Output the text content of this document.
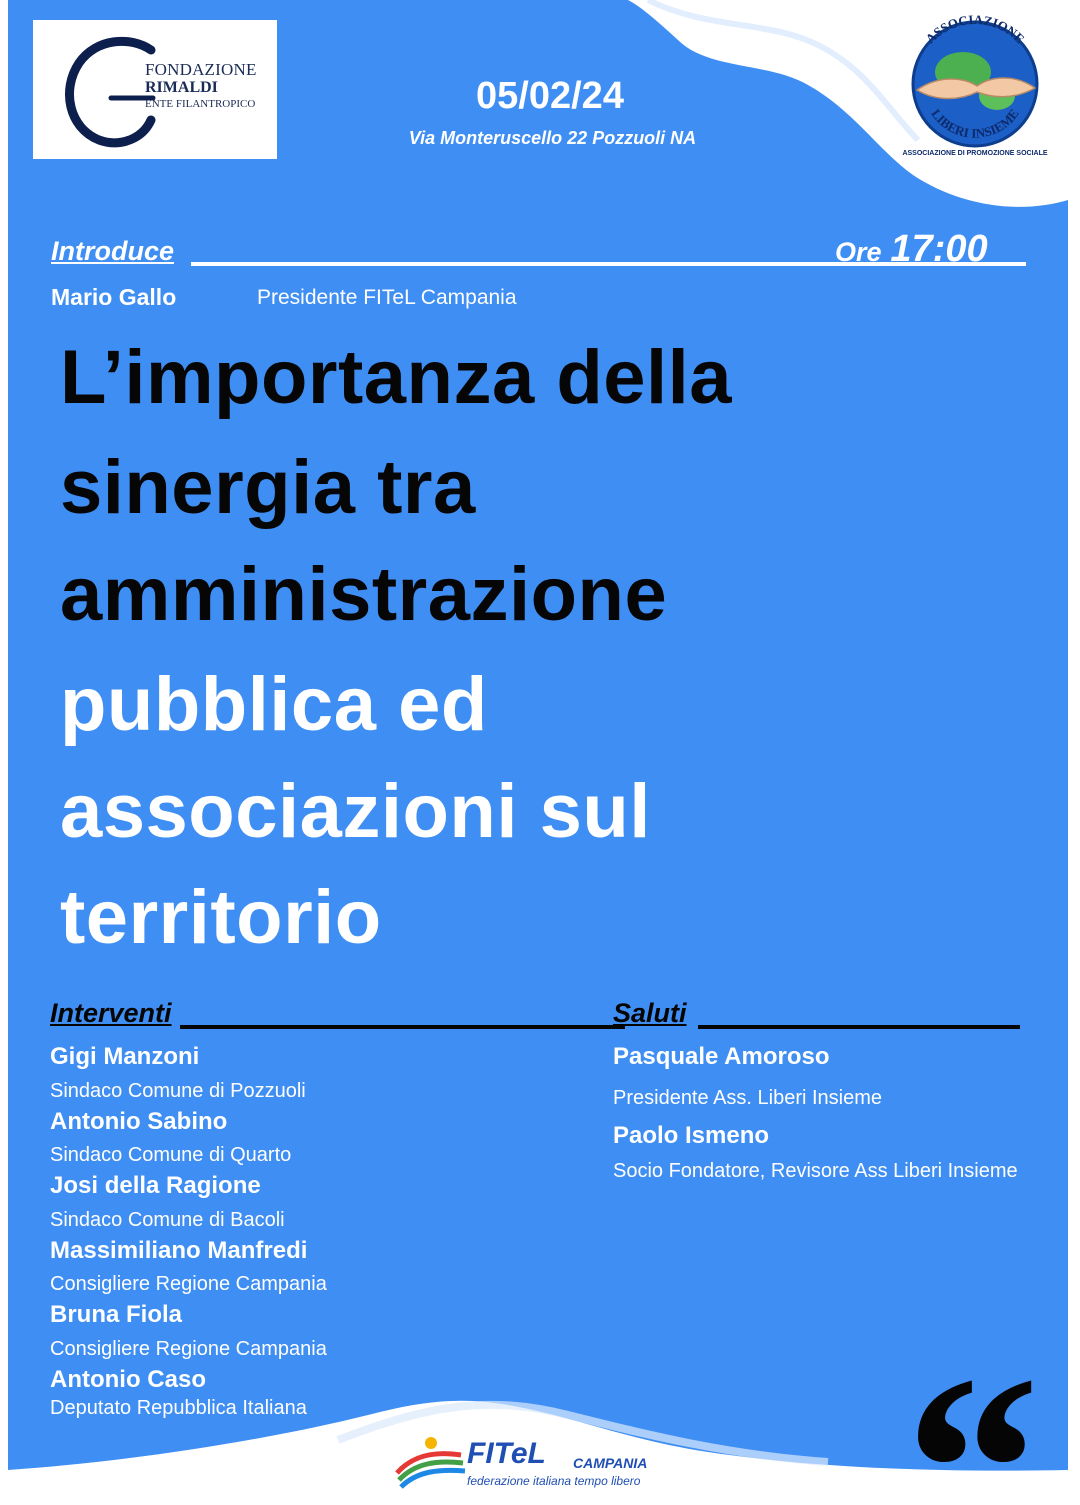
FONDAZIONE
RIMALDI
ENTE FILANTROPICO	05/02/24
Via Monteruscello 22 Pozzuoli NA
ASSOCIAZIONE
LIBERI INSIEME
ASSOCIAZIONE DI PROMOZIONE SOCIALE
Introduce	Ore 17:00
Mario Gallo	Presidente FITeL Campania
L’importanza della
sinergia tra
amministrazione
pubblica ed
associazioni sul
territorio
Interventi
Gigi Manzoni
Sindaco Comune di Pozzuoli
Antonio Sabino
Sindaco Comune di Quarto
Josi della Ragione
Sindaco Comune di Bacoli
Massimiliano Manfredi
Consigliere Regione Campania
Bruna Fiola
Consigliere Regione Campania
Antonio Caso
Deputato Repubblica Italiana
Saluti
Pasquale Amoroso
Presidente Ass. Liberi Insieme
Paolo Ismeno
Socio Fondatore, Revisore Ass Liberi Insieme
“
FITeL CAMPANIA
federazione italiana tempo libero
